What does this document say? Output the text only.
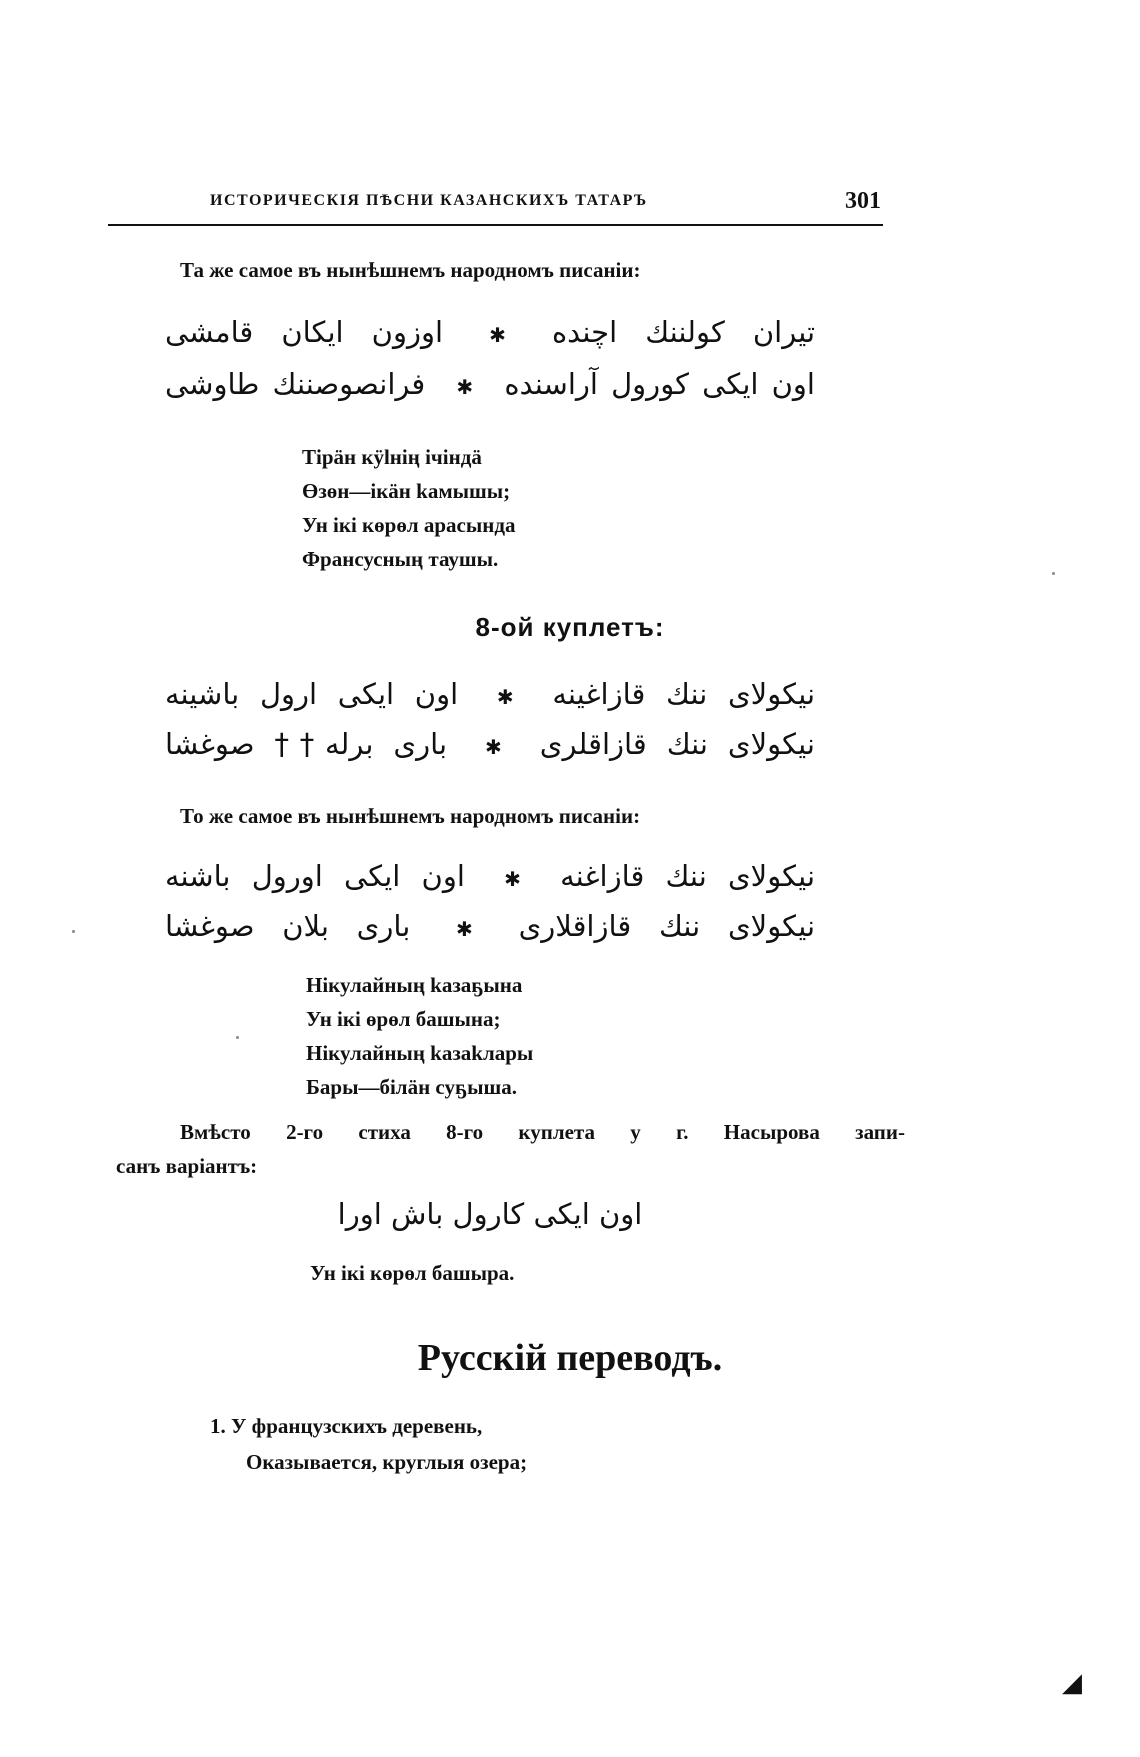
ИСТОРИЧЕСКІЯ ПѢСНИ КАЗАНСКИХЪ ТАТАРЪ	301
Та же самое въ нынѣшнемъ народномъ писаніи:
تیران كولننك اچنده ✱ اوزون ايکان قامشی
اون ايکی كورول آراسنده ✱ فرانصوصننك طاوشی
Тірӓн кӱlнің ічіндӓ
Өзөн—ікӓн kамышы;
Ун ікі көрөл арасында
Франсусның таушы.
8-ой куплетъ:
نیکولای ننك قازاغینه ✱ اون ايکی ارول باشینه
نیکولای ننك قازاقلری ✱ باری برله†† صوغشا
То же самое въ нынѣшнемъ народномъ писаніи:
نیکولای ننك قازاغنه ✱ اون ايکی اورول باشنه
نیکولای ننك قازاقلاری ✱ باری بلان صوغشا
Нікулайның kазаҕына
Ун ікі өрөл башына;
Нікулайның kазаkлары
Бары—бiлӓн суҕыша.
Вмѣсто 2-го стиха 8-го куплета у г. Насырова запи-
санъ варіантъ:
اون ايکی کارول باش اورا
Ун ікі көрөл башыра.
Русскій переводъ.
1. У французскихъ деревень,
Оказывается, круглыя озера;
◢
